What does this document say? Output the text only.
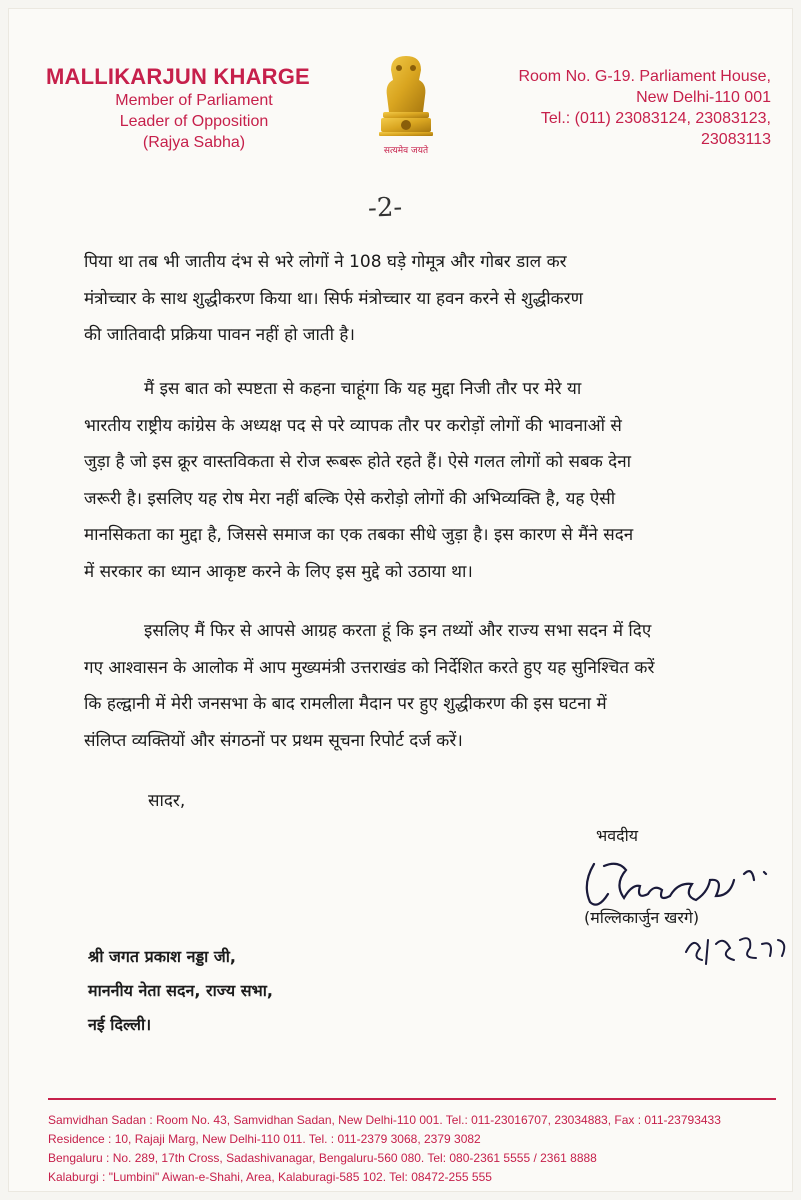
MALLIKARJUN KHARGE
Member of Parliament
Leader of Opposition
(Rajya Sabha)	सत्यमेव जयते
Room No. G-19. Parliament House,
New Delhi-110 001
Tel.: (011) 23083124, 23083123,
23083113
-2-
पिया था तब भी जातीय दंभ से भरे लोगों ने 108 घड़े गोमूत्र और गोबर डाल कर
मंत्रोच्चार के साथ शुद्धीकरण किया था। सिर्फ मंत्रोच्चार या हवन करने से शुद्धीकरण
की जातिवादी प्रक्रिया पावन नहीं हो जाती है।
मैं इस बात को स्पष्टता से कहना चाहूंगा कि यह मुद्दा निजी तौर पर मेरे या
भारतीय राष्ट्रीय कांग्रेस के अध्यक्ष पद से परे व्यापक तौर पर करोड़ों लोगों की भावनाओं से
जुड़ा है जो इस क्रूर वास्तविकता से रोज रूबरू होते रहते हैं। ऐसे गलत लोगों को सबक देना
जरूरी है। इसलिए यह रोष मेरा नहीं बल्कि ऐसे करोड़ो लोगों की अभिव्यक्ति है, यह ऐसी
मानसिकता का मुद्दा है, जिससे समाज का एक तबका सीधे जुड़ा है। इस कारण से मैंने सदन
में सरकार का ध्यान आकृष्ट करने के लिए इस मुद्दे को उठाया था।
इसलिए मैं फिर से आपसे आग्रह करता हूं कि इन तथ्यों और राज्य सभा सदन में दिए
गए आश्वासन के आलोक में आप मुख्यमंत्री उत्तराखंड को निर्देशित करते हुए यह सुनिश्चित करें
कि हल्द्वानी में मेरी जनसभा के बाद रामलीला मैदान पर हुए शुद्धीकरण की इस घटना में
संलिप्त व्यक्तियों और संगठनों पर प्रथम सूचना रिपोर्ट दर्ज करें।
सादर,
भवदीय
(मल्लिकार्जुन खरगे)
श्री जगत प्रकाश नड्डा जी,
माननीय नेता सदन, राज्य सभा,
नई दिल्ली।
Samvidhan Sadan : Room No. 43, Samvidhan Sadan, New Delhi-110 001. Tel.: 011-23016707, 23034883, Fax : 011-23793433
Residence : 10, Rajaji Marg, New Delhi-110 011. Tel. : 011-2379 3068, 2379 3082
Bengaluru : No. 289, 17th Cross, Sadashivanagar, Bengaluru-560 080. Tel: 080-2361 5555 / 2361 8888
Kalaburgi : "Lumbini" Aiwan-e-Shahi, Area, Kalaburagi-585 102. Tel: 08472-255 555
